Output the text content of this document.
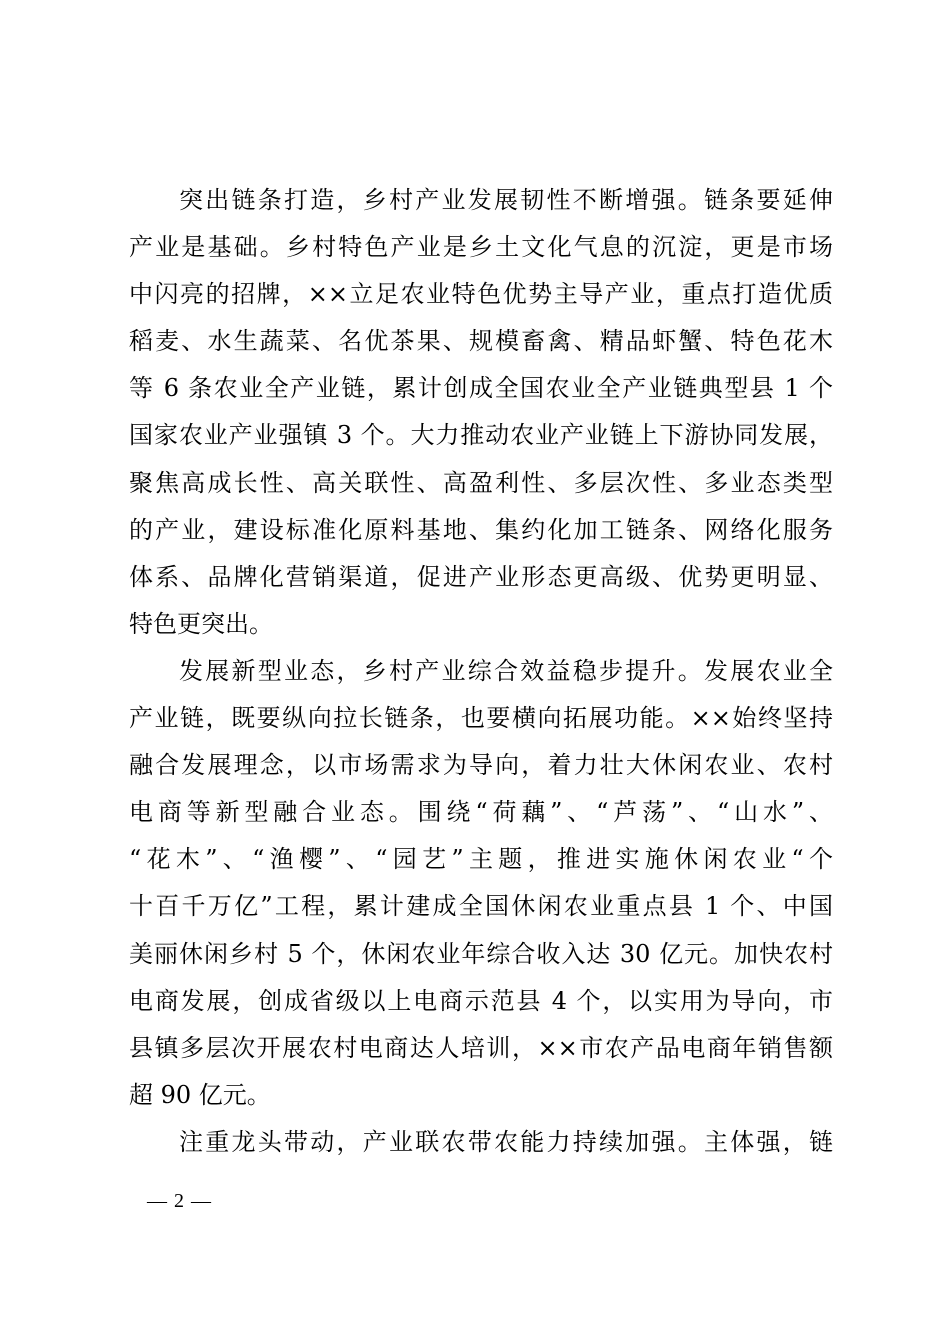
突出链条打造，乡村产业发展韧性不断增强。链条要延伸
产业是基础。乡村特色产业是乡土文化气息的沉淀，更是市场
中闪亮的招牌，××立足农业特色优势主导产业，重点打造优质
稻麦、水生蔬菜、名优茶果、规模畜禽、精品虾蟹、特色花木
等 6 条农业全产业链，累计创成全国农业全产业链典型县 1 个
国家农业产业强镇 3 个。大力推动农业产业链上下游协同发展，
聚焦高成长性、高关联性、高盈利性、多层次性、多业态类型
的产业，建设标准化原料基地、集约化加工链条、网络化服务
体系、品牌化营销渠道，促进产业形态更高级、优势更明显、
特色更突出。
发展新型业态，乡村产业综合效益稳步提升。发展农业全
产业链，既要纵向拉长链条，也要横向拓展功能。××始终坚持
融合发展理念，以市场需求为导向，着力壮大休闲农业、农村
电商等新型融合业态。围绕“荷藕”、“芦荡”、“山水”、
“花木”、“渔樱”、“园艺”主题，推进实施休闲农业“个
十百千万亿”工程，累计建成全国休闲农业重点县 1 个、中国
美丽休闲乡村 5 个，休闲农业年综合收入达 30 亿元。加快农村
电商发展，创成省级以上电商示范县 4 个，以实用为导向，市
县镇多层次开展农村电商达人培训，××市农产品电商年销售额
超 90 亿元。
注重龙头带动，产业联农带农能力持续加强。主体强，链
— 2 —
